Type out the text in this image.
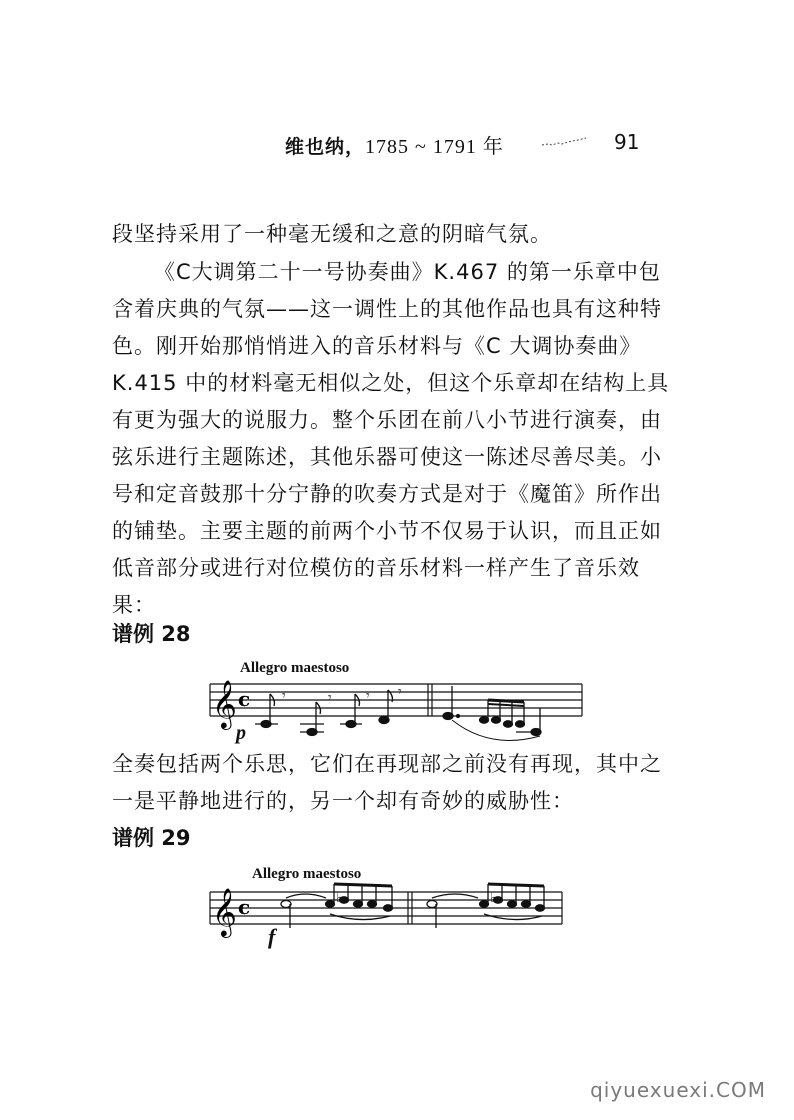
维也纳，1785 ~ 1791 年	91
段坚持采用了一种毫无缓和之意的阴暗气氛。
《C大调第二十一号协奏曲》K.467 的第一乐章中包含着庆典的气氛——这一调性上的其他作品也具有这种特色。刚开始那悄悄进入的音乐材料与《C 大调协奏曲》K.415 中的材料毫无相似之处，但这个乐章却在结构上具有更为强大的说服力。整个乐团在前八小节进行演奏，由弦乐进行主题陈述，其他乐器可使这一陈述尽善尽美。小号和定音鼓那十分宁静的吹奏方式是对于《魔笛》所作出的铺垫。主要主题的前两个小节不仅易于认识，而且正如低音部分或进行对位模仿的音乐材料一样产生了音乐效果：
谱例 28
Allegro maestoso
𝄞 c 𝄾	𝄾 𝄾 𝄾
p
全奏包括两个乐思，它们在再现部之前没有再现，其中之一是平静地进行的，另一个却有奇妙的威胁性：
谱例 29
Allegro maestoso
𝄞 c	♭	♭
f
qiyuexuexi.COM
